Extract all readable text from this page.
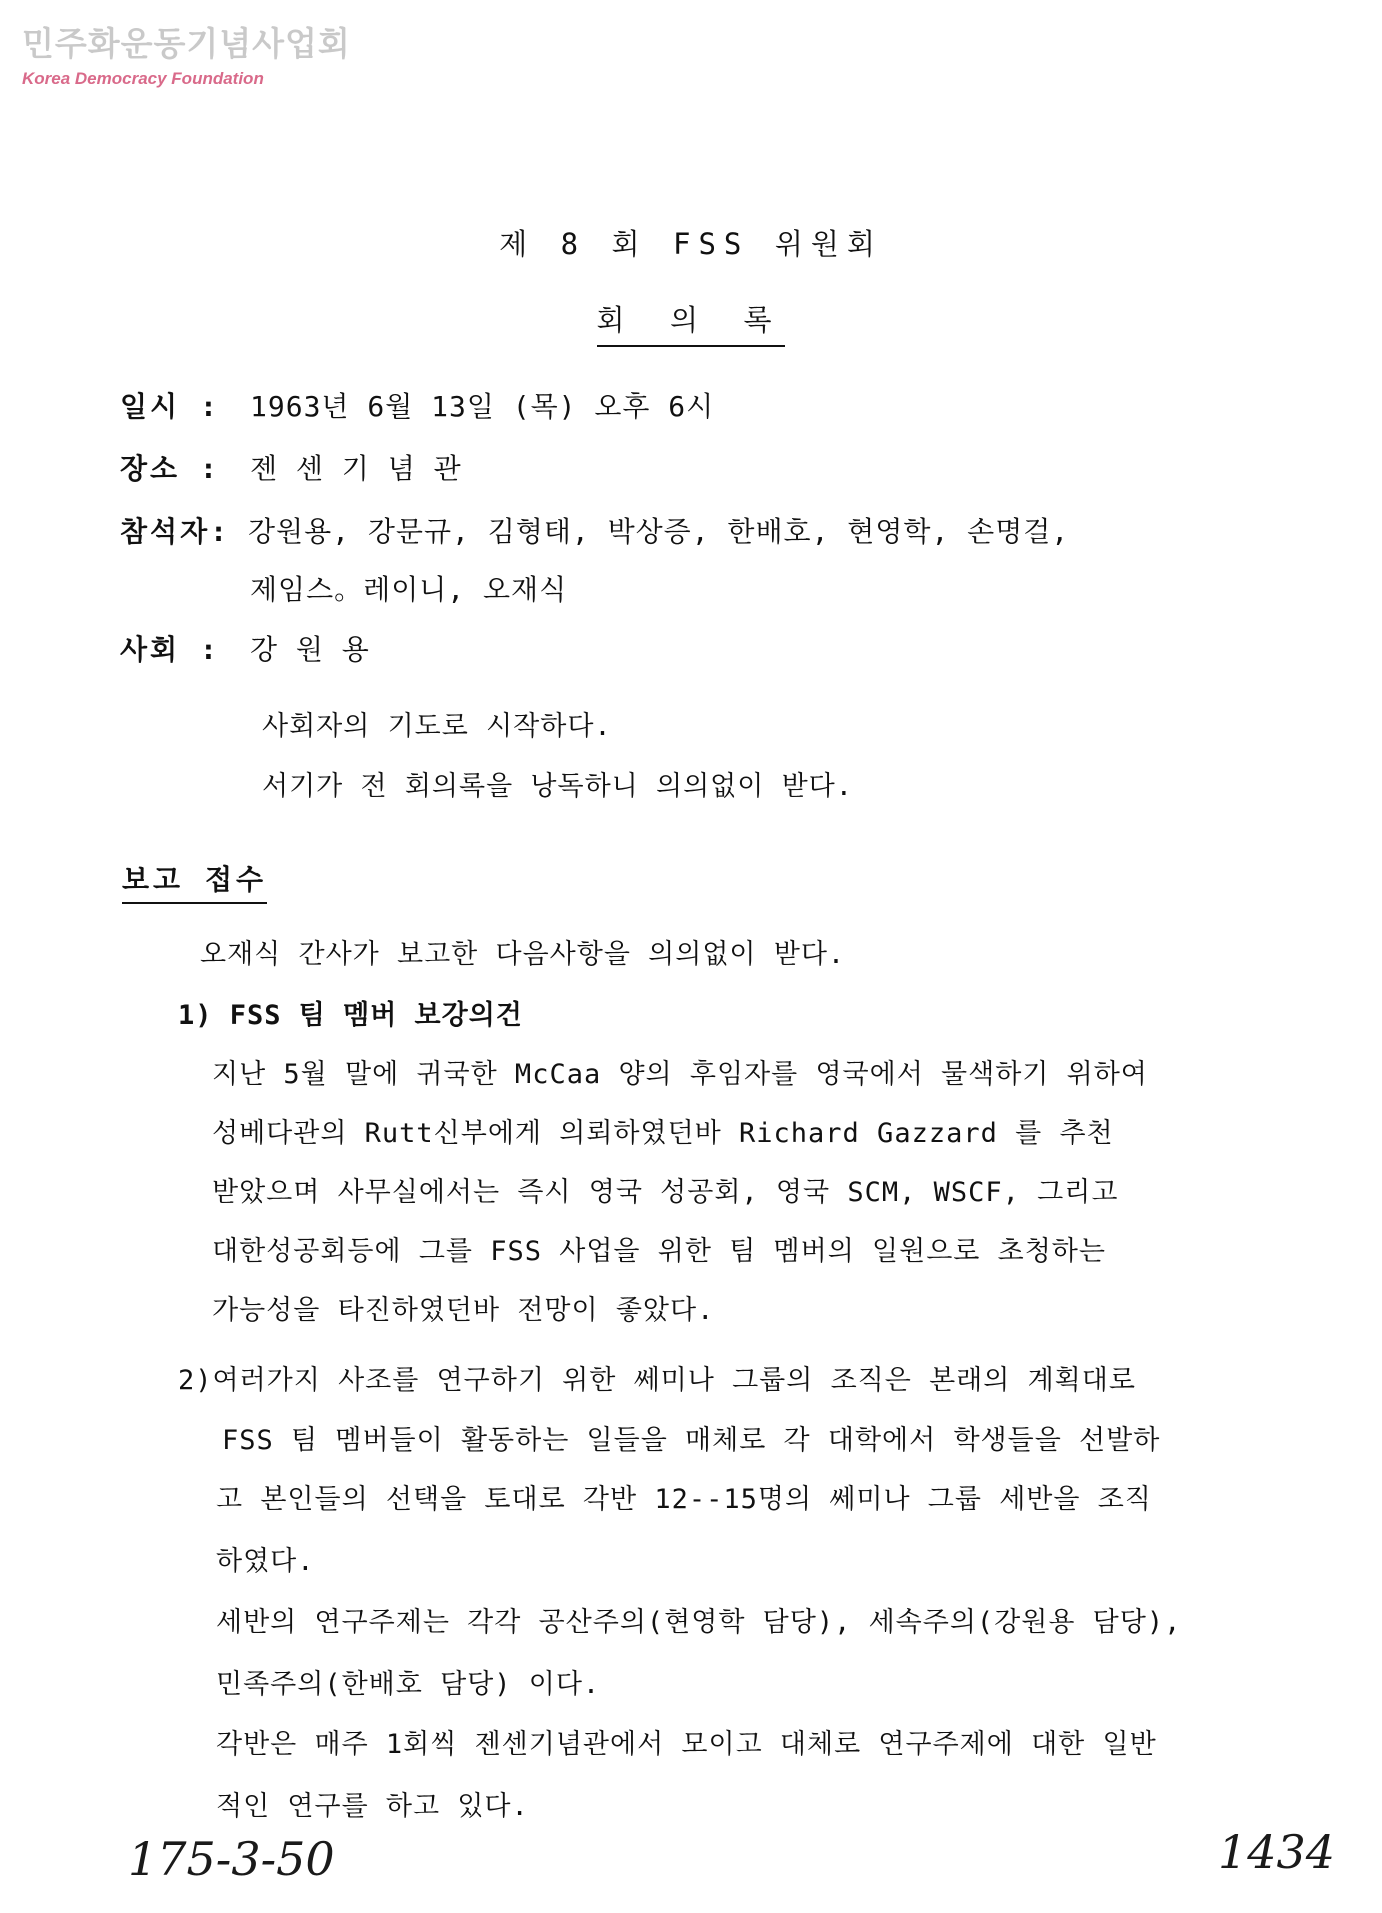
민주화운동기념사업회
Korea Democracy Foundation
제 8 회 FSS 위원회
회 의 록
일시 :	1963년 6월 13일 (목) 오후 6시
장소 :	젠 센 기 념 관
참석자: 강원용, 강문규, 김형태, 박상증, 한배호, 현영학, 손명걸,
제임스。레이니, 오재식
사회 :	강 원 용
사회자의 기도로 시작하다.
서기가 전 회의록을 낭독하니 의의없이 받다.
보고 접수
오재식 간사가 보고한 다음사항을 의의없이 받다.
1) FSS 팀 멤버 보강의건
지난 5월 말에 귀국한 McCaa 양의 후임자를 영국에서 물색하기 위하여
성베다관의 Rutt신부에게 의뢰하였던바 Richard Gazzard 를 추천
받았으며 사무실에서는 즉시 영국 성공회, 영국 SCM, WSCF, 그리고
대한성공회등에 그를 FSS 사업을 위한 팀 멤버의 일원으로 초청하는
가능성을 타진하였던바 전망이 좋았다.
2)여러가지 사조를 연구하기 위한 쎄미나 그룹의 조직은 본래의 계획대로
FSS 팀 멤버들이 활동하는 일들을 매체로 각 대학에서 학생들을 선발하
고 본인들의 선택을 토대로 각반 12--15명의 쎄미나 그룹 세반을 조직
하였다.
세반의 연구주제는 각각 공산주의(현영학 담당), 세속주의(강원용 담당),
민족주의(한배호 담당) 이다.
각반은 매주 1회씩 젠센기념관에서 모이고 대체로 연구주제에 대한 일반
적인 연구를 하고 있다.
175-3-50	1434
